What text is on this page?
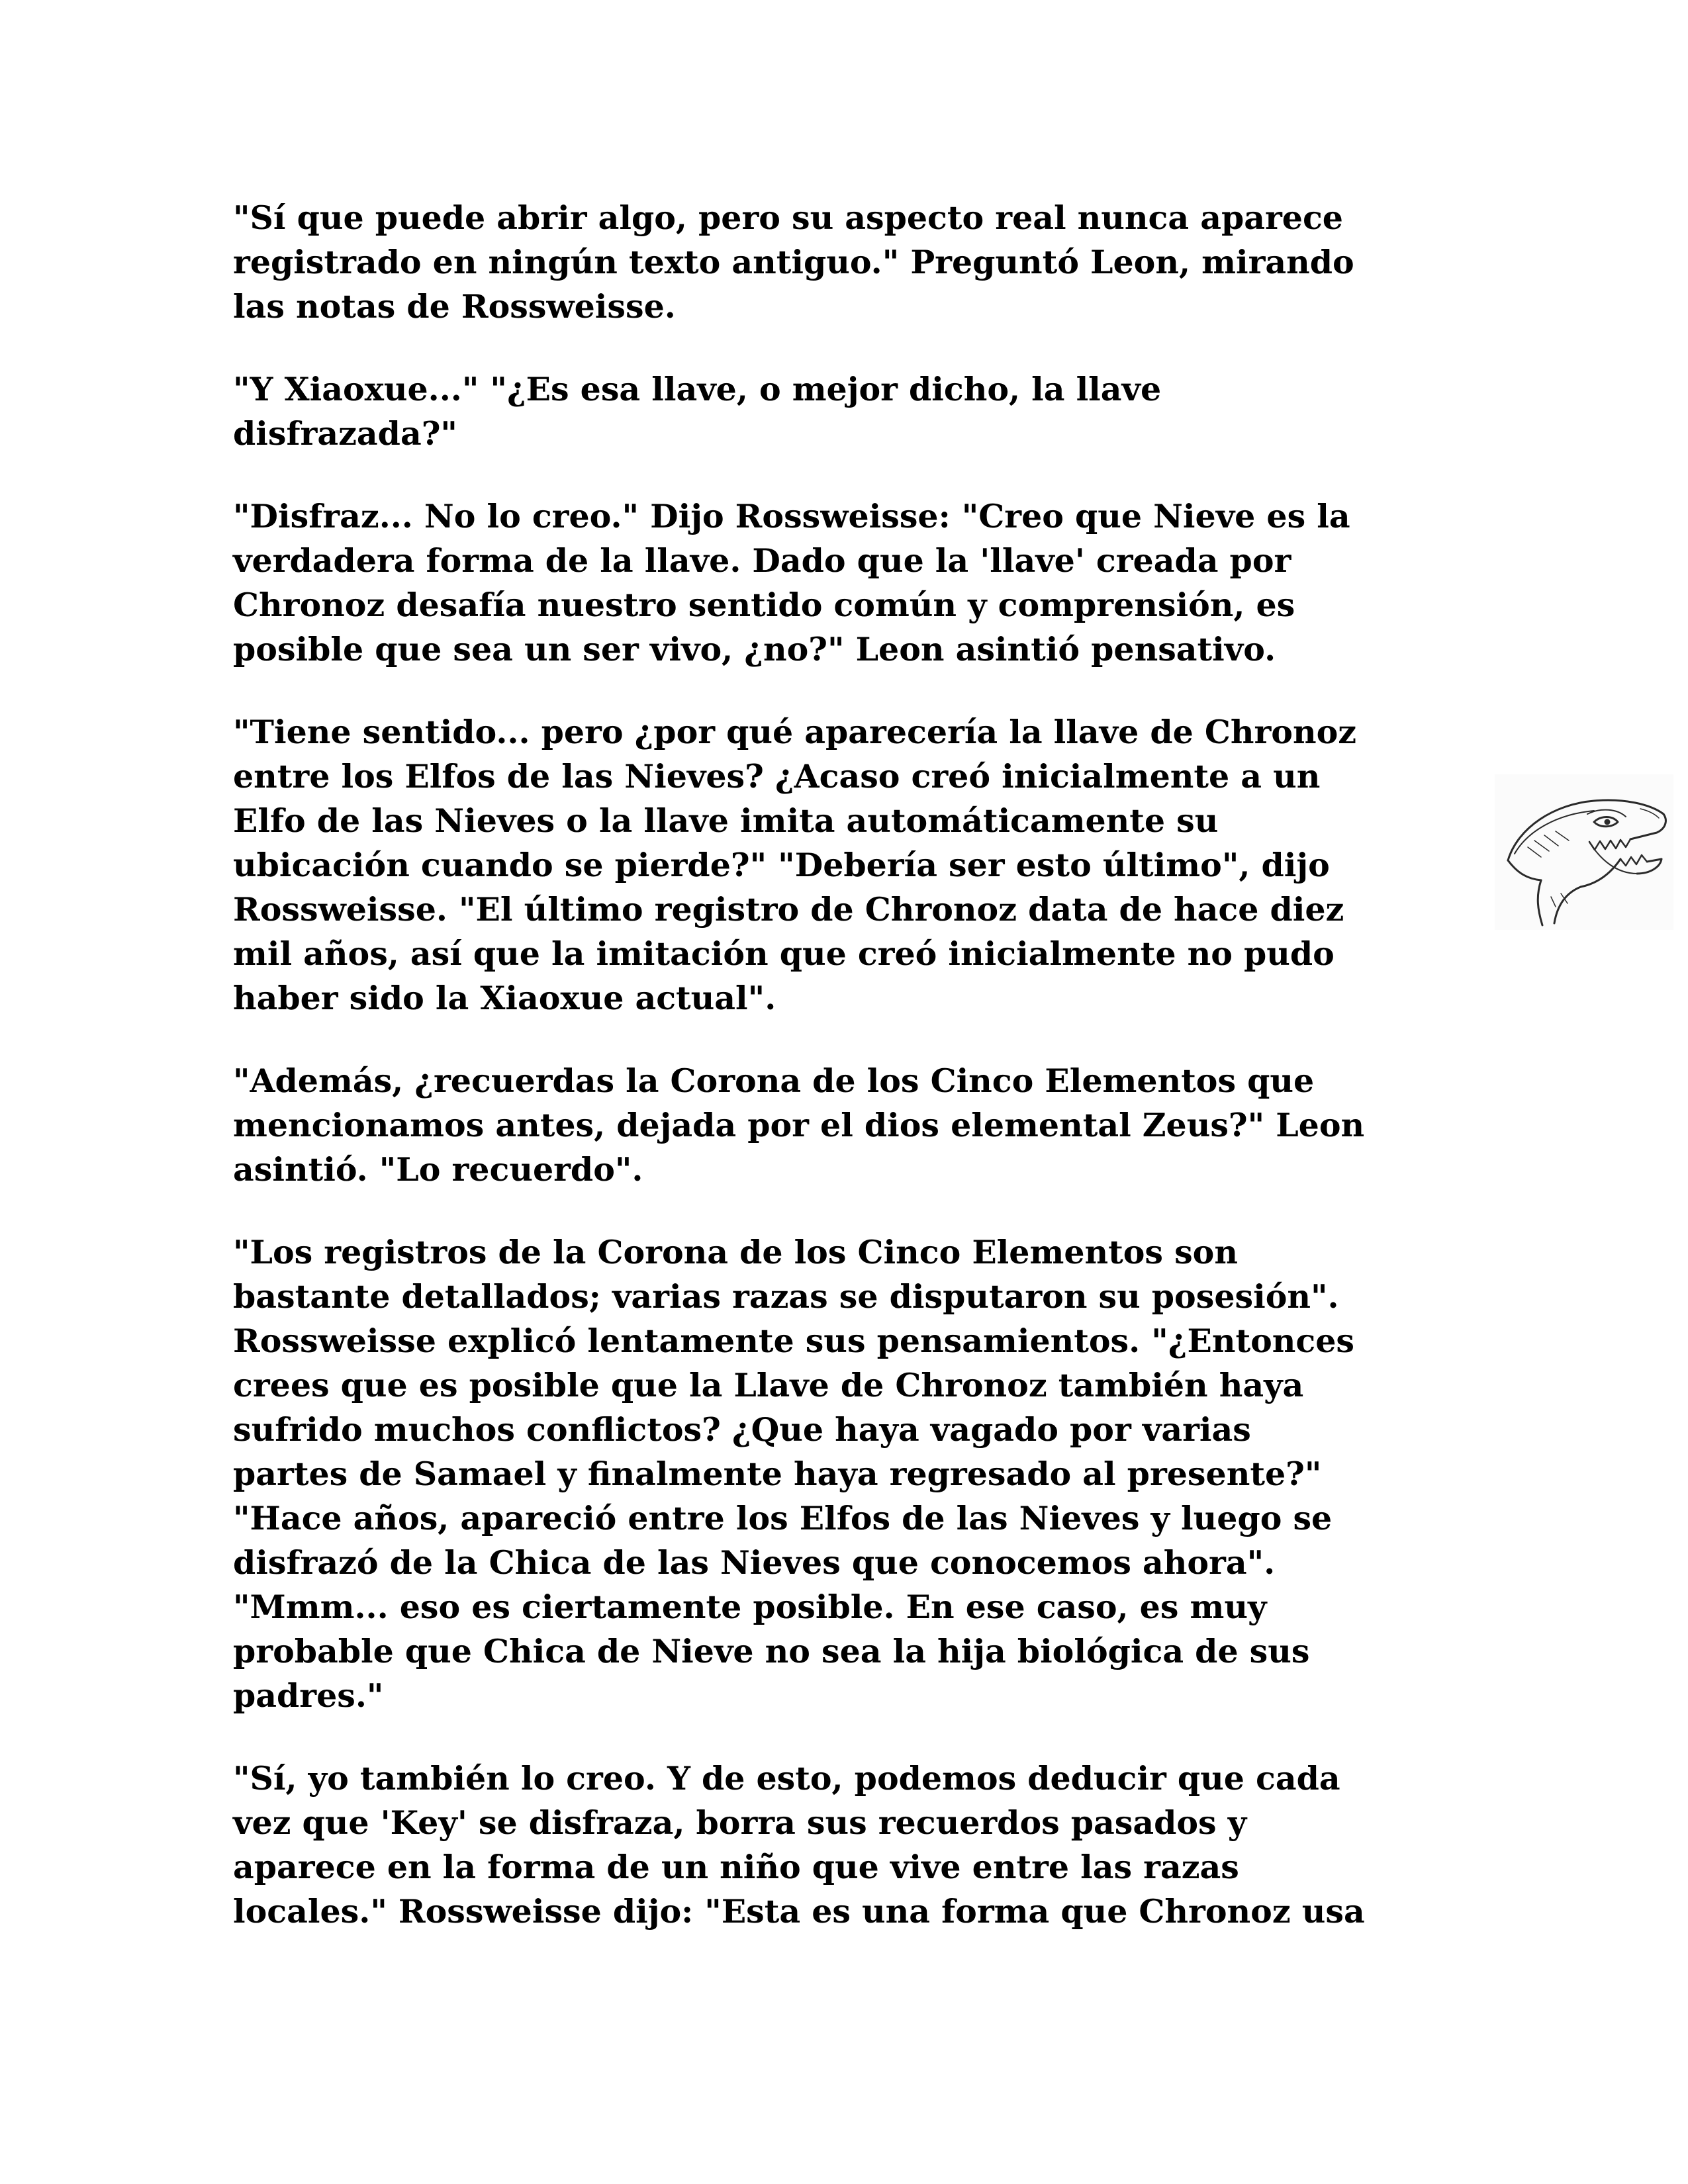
"Sí que puede abrir algo, pero su aspecto real nunca aparece
registrado en ningún texto antiguo." Preguntó Leon, mirando
las notas de Rossweisse.

"Y Xiaoxue..." "¿Es esa llave, o mejor dicho, la llave
disfrazada?"

"Disfraz... No lo creo." Dijo Rossweisse: "Creo que Nieve es la
verdadera forma de la llave. Dado que la 'llave' creada por
Chronoz desafía nuestro sentido común y comprensión, es
posible que sea un ser vivo, ¿no?" Leon asintió pensativo.

"Tiene sentido... pero ¿por qué aparecería la llave de Chronoz
entre los Elfos de las Nieves? ¿Acaso creó inicialmente a un
Elfo de las Nieves o la llave imita automáticamente su
ubicación cuando se pierde?" "Debería ser esto último", dijo
Rossweisse. "El último registro de Chronoz data de hace diez
mil años, así que la imitación que creó inicialmente no pudo
haber sido la Xiaoxue actual".

"Además, ¿recuerdas la Corona de los Cinco Elementos que
mencionamos antes, dejada por el dios elemental Zeus?" Leon
asintió. "Lo recuerdo".

"Los registros de la Corona de los Cinco Elementos son
bastante detallados; varias razas se disputaron su posesión".
Rossweisse explicó lentamente sus pensamientos. "¿Entonces
crees que es posible que la Llave de Chronoz también haya
sufrido muchos conflictos? ¿Que haya vagado por varias
partes de Samael y finalmente haya regresado al presente?"
"Hace años, apareció entre los Elfos de las Nieves y luego se
disfrazó de la Chica de las Nieves que conocemos ahora".
"Mmm... eso es ciertamente posible. En ese caso, es muy
probable que Chica de Nieve no sea la hija biológica de sus
padres."

"Sí, yo también lo creo. Y de esto, podemos deducir que cada
vez que 'Key' se disfraza, borra sus recuerdos pasados y
aparece en la forma de un niño que vive entre las razas
locales." Rossweisse dijo: "Esta es una forma que Chronoz usa
